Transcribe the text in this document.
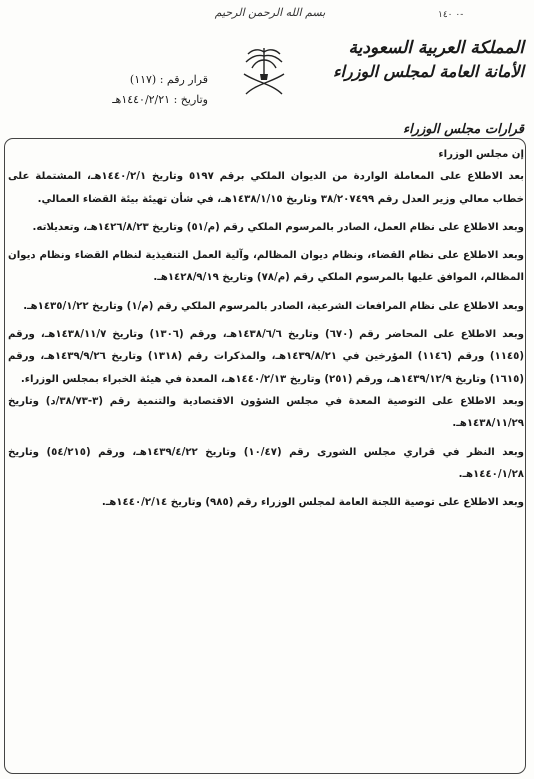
بسم الله الرحمن الرحيم	-٠ ١٤٠
المملكة العربية السعودية
الأمانة العامة لمجلس الوزراء
قرارات مجلس الوزراء
قرار رقم : (١١٧)
وتاريخ : ١٤٤٠/٢/٢١هـ

إن مجلس الوزراء

بعد الاطلاع على المعاملة الواردة من الديوان الملكي برقم ٥١٩٧ وتاريخ ١٤٤٠/٢/١هـ، المشتملة على خطاب معالي وزير العدل رقم ٣٨/٢٠٧٤٩٩ وتاريخ ١٤٣٨/١/١٥هـ، في شأن تهيئة بيئة القضاء العمالي.

وبعد الاطلاع على نظام العمل، الصادر بالمرسوم الملكي رقم (م/٥١) وتاريخ ١٤٢٦/٨/٢٣هـ، وتعديلاته.

وبعد الاطلاع على نظام القضاء، ونظام ديوان المظالم، وآلية العمل التنفيذية لنظام القضاء ونظام ديوان المظالم، الموافق عليها بالمرسوم الملكي رقم (م/٧٨) وتاريخ ١٤٢٨/٩/١٩هـ.

وبعد الاطلاع على نظام المرافعات الشرعية، الصادر بالمرسوم الملكي رقم (م/١) وتاريخ ١٤٣٥/١/٢٢هـ.

وبعد الاطلاع على المحاضر رقم (٦٧٠) وتاريخ ١٤٣٨/٦/٦هـ، ورقم (١٣٠٦) وتاريخ ١٤٣٨/١١/٧هـ، ورقم (١١٤٥) ورقم (١١٤٦) المؤرخين في ١٤٣٩/٨/٢١هـ، والمذكرات رقم (١٣١٨) وتاريخ ١٤٣٩/٩/٢٦هـ، ورقم (١٦١٥) وتاريخ ١٤٣٩/١٢/٩هـ، ورقم (٢٥١) وتاريخ ١٤٤٠/٢/١٣هـ، المعدة في هيئة الخبراء بمجلس الوزراء.

وبعد الاطلاع على التوصية المعدة في مجلس الشؤون الاقتصادية والتنمية رقم (٣-٣٨/٧٣/د) وتاريخ ١٤٣٨/١١/٢٩هـ.

وبعد النظر في قراري مجلس الشورى رقم (١٠/٤٧) وتاريخ ١٤٣٩/٤/٢٢هـ، ورقم (٥٤/٢١٥) وتاريخ ١٤٤٠/١/٢٨هـ.

وبعد الاطلاع على توصية اللجنة العامة لمجلس الوزراء رقم (٩٨٥) وتاريخ ١٤٤٠/٢/١٤هـ.
